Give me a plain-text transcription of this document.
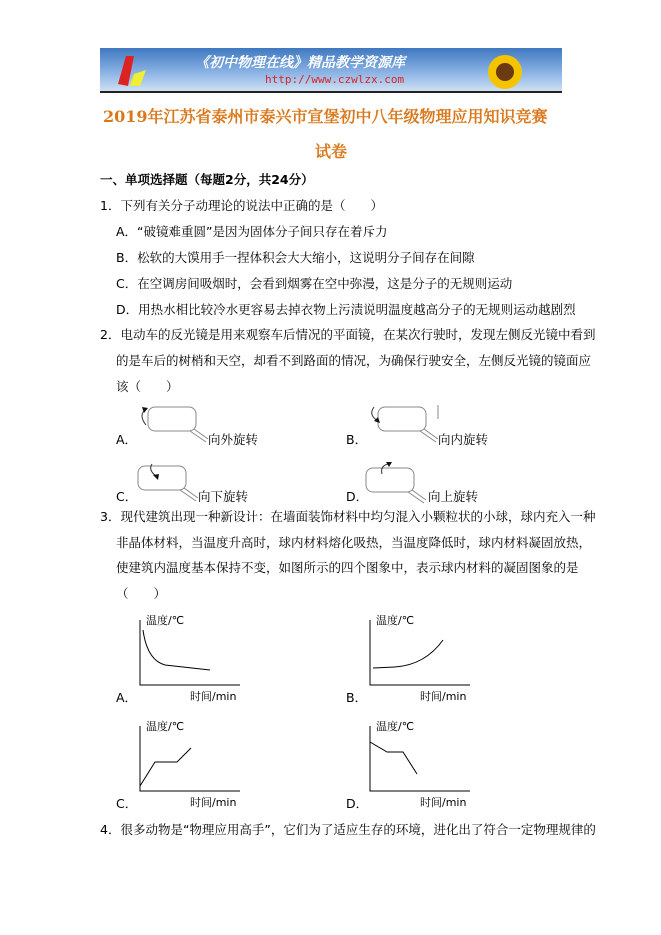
《初中物理在线》精品教学资源库
http://www.czwlzx.com
2019年江苏省泰州市泰兴市宣堡初中八年级物理应用知识竞赛
试卷
一、单项选择题（每题2分，共24分）
1．下列有关分子动理论的说法中正确的是（　　）
A．“破镜难重圆”是因为固体分子间只存在着斥力
B．松软的大馍用手一捏体积会大大缩小，这说明分子间存在间隙
C．在空调房间吸烟时，会看到烟雾在空中弥漫，这是分子的无规则运动
D．用热水相比较冷水更容易去掉衣物上污渍说明温度越高分子的无规则运动越剧烈
2．电动车的反光镜是用来观察车后情况的平面镜，在某次行驶时，发现左侧反光镜中看到
的是车后的树梢和天空，却看不到路面的情况，为确保行驶安全，左侧反光镜的镜面应
该（　　）
A．	向外旋转	B．	向内旋转
C．	向下旋转	D．	向上旋转
3．现代建筑出现一种新设计：在墙面装饰材料中均匀混入小颗粒状的小球，球内充入一种
非晶体材料，当温度升高时，球内材料熔化吸热，当温度降低时，球内材料凝固放热，
使建筑内温度基本保持不变，如图所示的四个图象中，表示球内材料的凝固图象的是
（　　）
A．
温度/℃
时间/min	B．
温度/℃
时间/min
C．
温度/℃
时间/min	D．
温度/℃
时间/min
4．很多动物是“物理应用高手”，它们为了适应生存的环境，进化出了符合一定物理规律的
